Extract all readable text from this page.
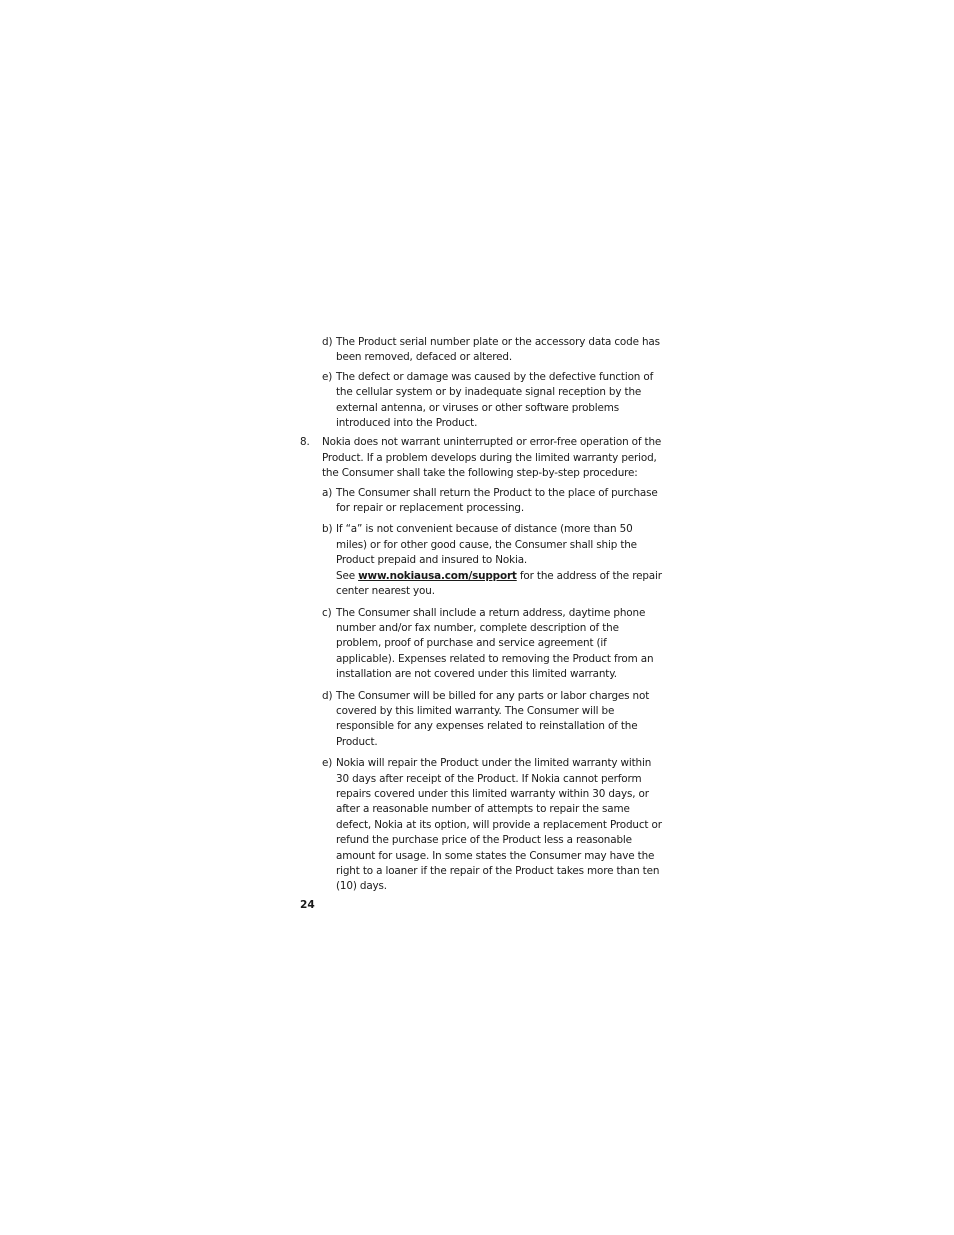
d) The Product serial number plate or the accessory data code has been removed, defaced or altered.
e) The defect or damage was caused by the defective function of the cellular system or by inadequate signal reception by the external antenna, or viruses or other software problems introduced into the Product.
8. Nokia does not warrant uninterrupted or error-free operation of the Product. If a problem develops during the limited warranty period, the Consumer shall take the following step-by-step procedure:
a) The Consumer shall return the Product to the place of purchase for repair or replacement processing.
b) If “a” is not convenient because of distance (more than 50 miles) or for other good cause, the Consumer shall ship the Product prepaid and insured to Nokia.
See www.nokiausa.com/support for the address of the repair center nearest you.
c) The Consumer shall include a return address, daytime phone number and/or fax number, complete description of the problem, proof of purchase and service agreement (if applicable). Expenses related to removing the Product from an installation are not covered under this limited warranty.
d) The Consumer will be billed for any parts or labor charges not covered by this limited warranty. The Consumer will be responsible for any expenses related to reinstallation of the Product.
e) Nokia will repair the Product under the limited warranty within 30 days after receipt of the Product. If Nokia cannot perform repairs covered under this limited warranty within 30 days, or after a reasonable number of attempts to repair the same defect, Nokia at its option, will provide a replacement Product or refund the purchase price of the Product less a reasonable amount for usage. In some states the Consumer may have the right to a loaner if the repair of the Product takes more than ten (10) days.
24
